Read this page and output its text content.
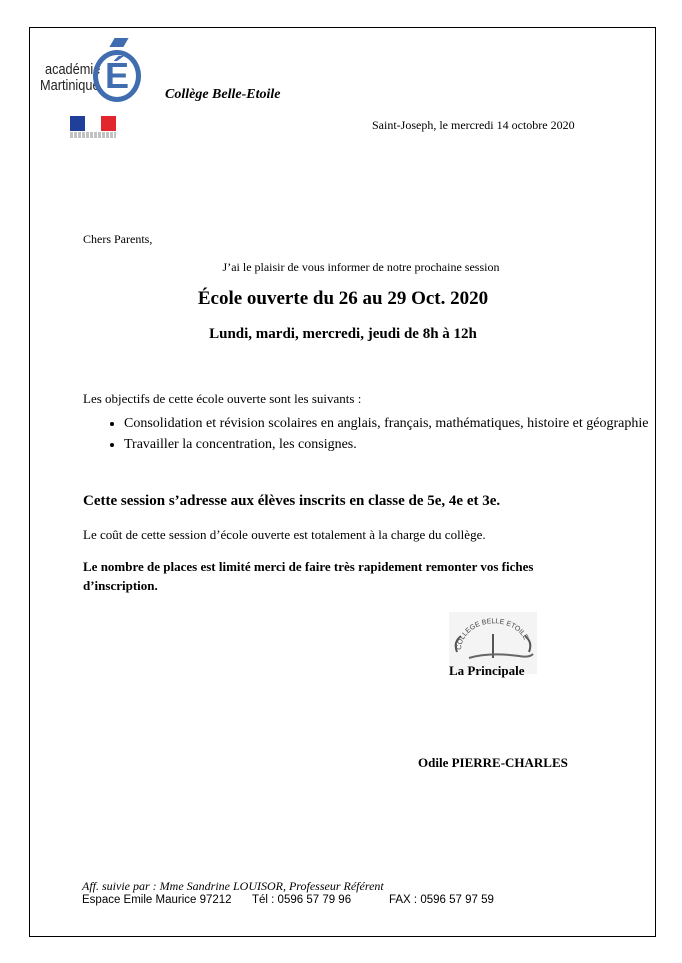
académie
Martinique É	Collège Belle-Etoile
Saint-Joseph, le mercredi 14 octobre 2020
Chers Parents,
J’ai le plaisir de vous informer de notre prochaine session
École ouverte du 26 au 29 Oct. 2020
Lundi, mardi, mercredi, jeudi de 8h à 12h
Les objectifs de cette école ouverte sont les suivants :
• Consolidation et révision scolaires en anglais, français, mathématiques, histoire et géographie
• Travailler la concentration, les consignes.
Cette session s’adresse aux élèves inscrits en classe de 5e, 4e et 3e.
Le coût de cette session d’école ouverte est totalement à la charge du collège.
Le nombre de places est limité merci de faire très rapidement remonter vos fiches d’inscription.
COLLEGE BELLE ETOILE
La Principale
Odile PIERRE-CHARLES
Aff. suivie par : Mme Sandrine LOUISOR, Professeur Référent
Espace Emile Maurice 97212 Tél : 0596 57 79 96	FAX : 0596 57 97 59
